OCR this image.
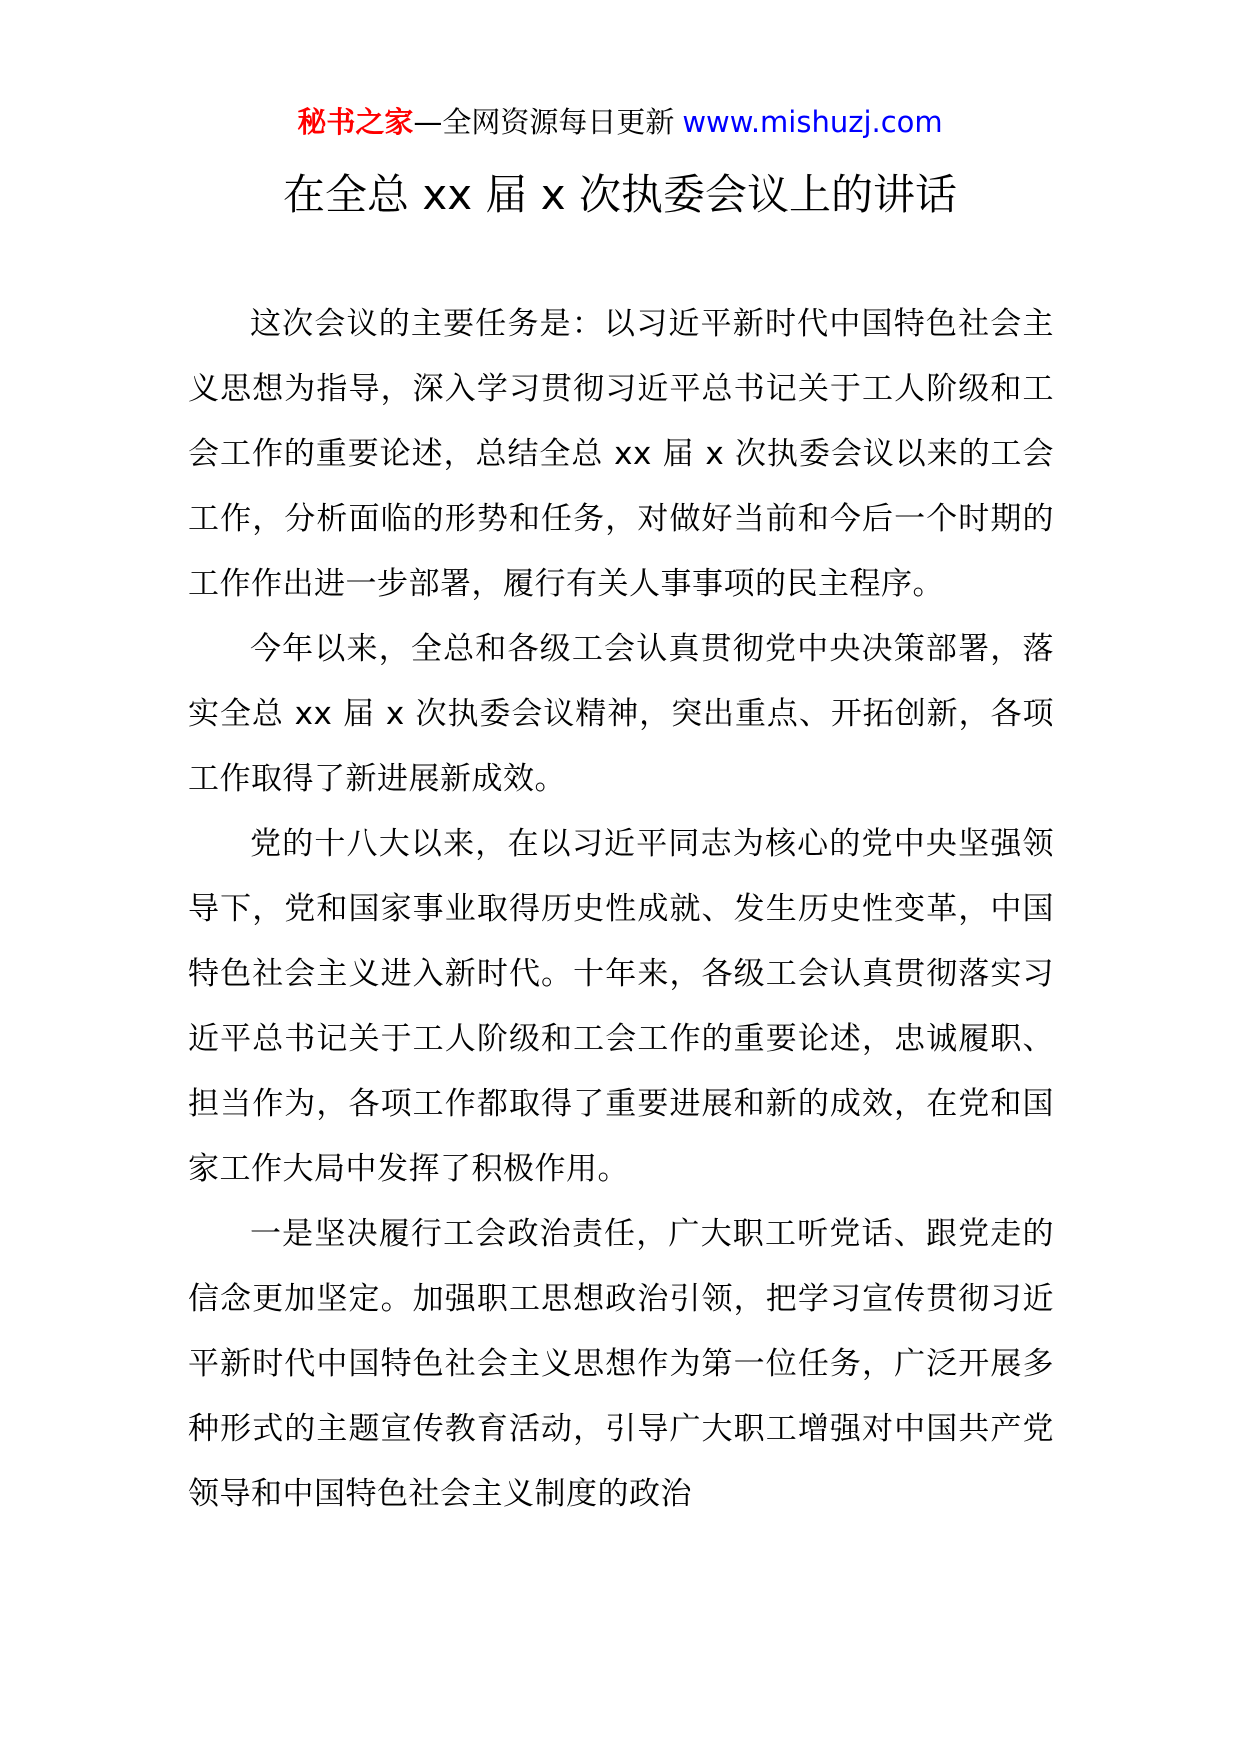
秘书之家—全网资源每日更新 www.mishuzj.com
在全总 xx 届 x 次执委会议上的讲话

这次会议的主要任务是：以习近平新时代中国特色社会主义思想为指导，深入学习贯彻习近平总书记关于工人阶级和工会工作的重要论述，总结全总 xx 届 x 次执委会议以来的工会工作，分析面临的形势和任务，对做好当前和今后一个时期的工作作出进一步部署，履行有关人事事项的民主程序。

今年以来，全总和各级工会认真贯彻党中央决策部署，落实全总 xx 届 x 次执委会议精神，突出重点、开拓创新，各项工作取得了新进展新成效。

党的十八大以来，在以习近平同志为核心的党中央坚强领导下，党和国家事业取得历史性成就、发生历史性变革，中国特色社会主义进入新时代。十年来，各级工会认真贯彻落实习近平总书记关于工人阶级和工会工作的重要论述，忠诚履职、担当作为，各项工作都取得了重要进展和新的成效，在党和国家工作大局中发挥了积极作用。

一是坚决履行工会政治责任，广大职工听党话、跟党走的信念更加坚定。加强职工思想政治引领，把学习宣传贯彻习近平新时代中国特色社会主义思想作为第一位任务，广泛开展多种形式的主题宣传教育活动，引导广大职工增强对中国共产党领导和中国特色社会主义制度的政治
